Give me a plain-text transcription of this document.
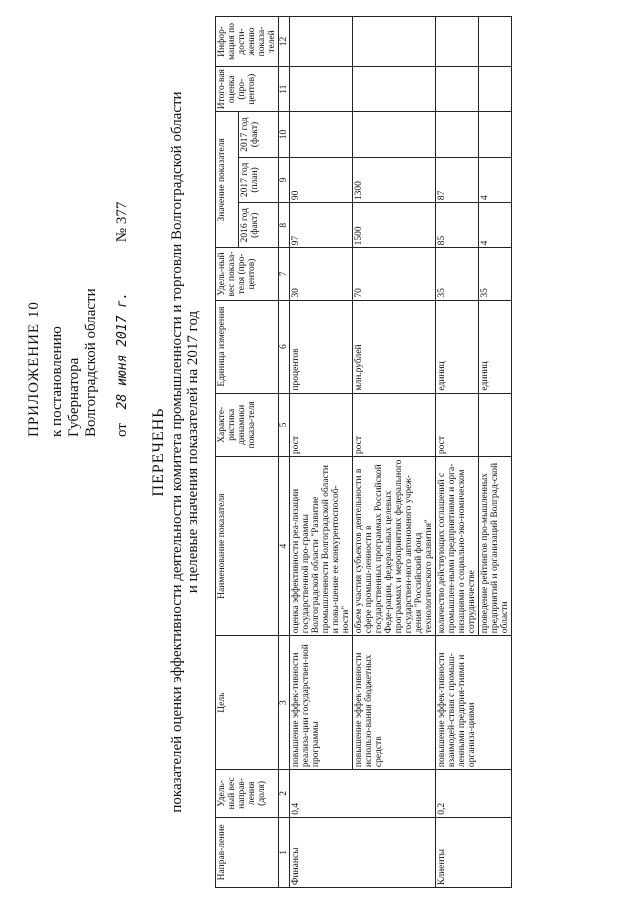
ПРИЛОЖЕНИЕ 10 к постановлению Губернатора Волгоградской области от 28 июня 2017 г. № 377
ПЕРЕЧЕНЬ показателей оценки эффективности деятельности комитета промышленности и торговли Волгоградской области и целевые значения показателей на 2017 год
Направ-ление	Удель-ный вес направ-ления (доля)	Цель	Наименование показателя	Характе-ристика динамики показа-теля	Единица измерения	Удель-ный вес показа-теля (про-центов)	Значение показателя			Итого-вая оценка (про-центов)	Инфор-мация по дости-жению показа-телей
							2016 год (факт)	2017 год (план)	2017 год (факт)		
1	2	3	4	5	6	7	8	9	10	11	12
Финансы	0,4	повышение эффек-тивности реализа-ции государствен-ной программы	оценка эффективности реа-лизации государственной про-граммы Волгоградской области "Развитие промышленности Волгоградской области и повы-шение ее конкурентоспособ-ности"	рост	процентов	30	97	90			
		повышение эффек-тивности использо-вания бюджетных средств	объем участия субъектов деятельности в сфере промыш-ленности в государственных программах Российской Феде-рации, федеральных целевых программах и мероприятиях федерального государствен-ного автономного учреж-дения "Российский фонд технологического развития"	рост	млн.рублей	70	1500	1300			
Клиенты	0,2	повышение эффек-тивности взаимодей-ствия с промыш-ленными предприя-тиями и организа-циями	количество действующих соглашений с промышлен-ными предприятиями и орга-низациями о социально-эко-номическом сотрудничестве	рост	единиц	35	85	87			
			проведение рейтингов про-мышленных предприятий и организаций Волград-ской области		единиц	35	4	4			
